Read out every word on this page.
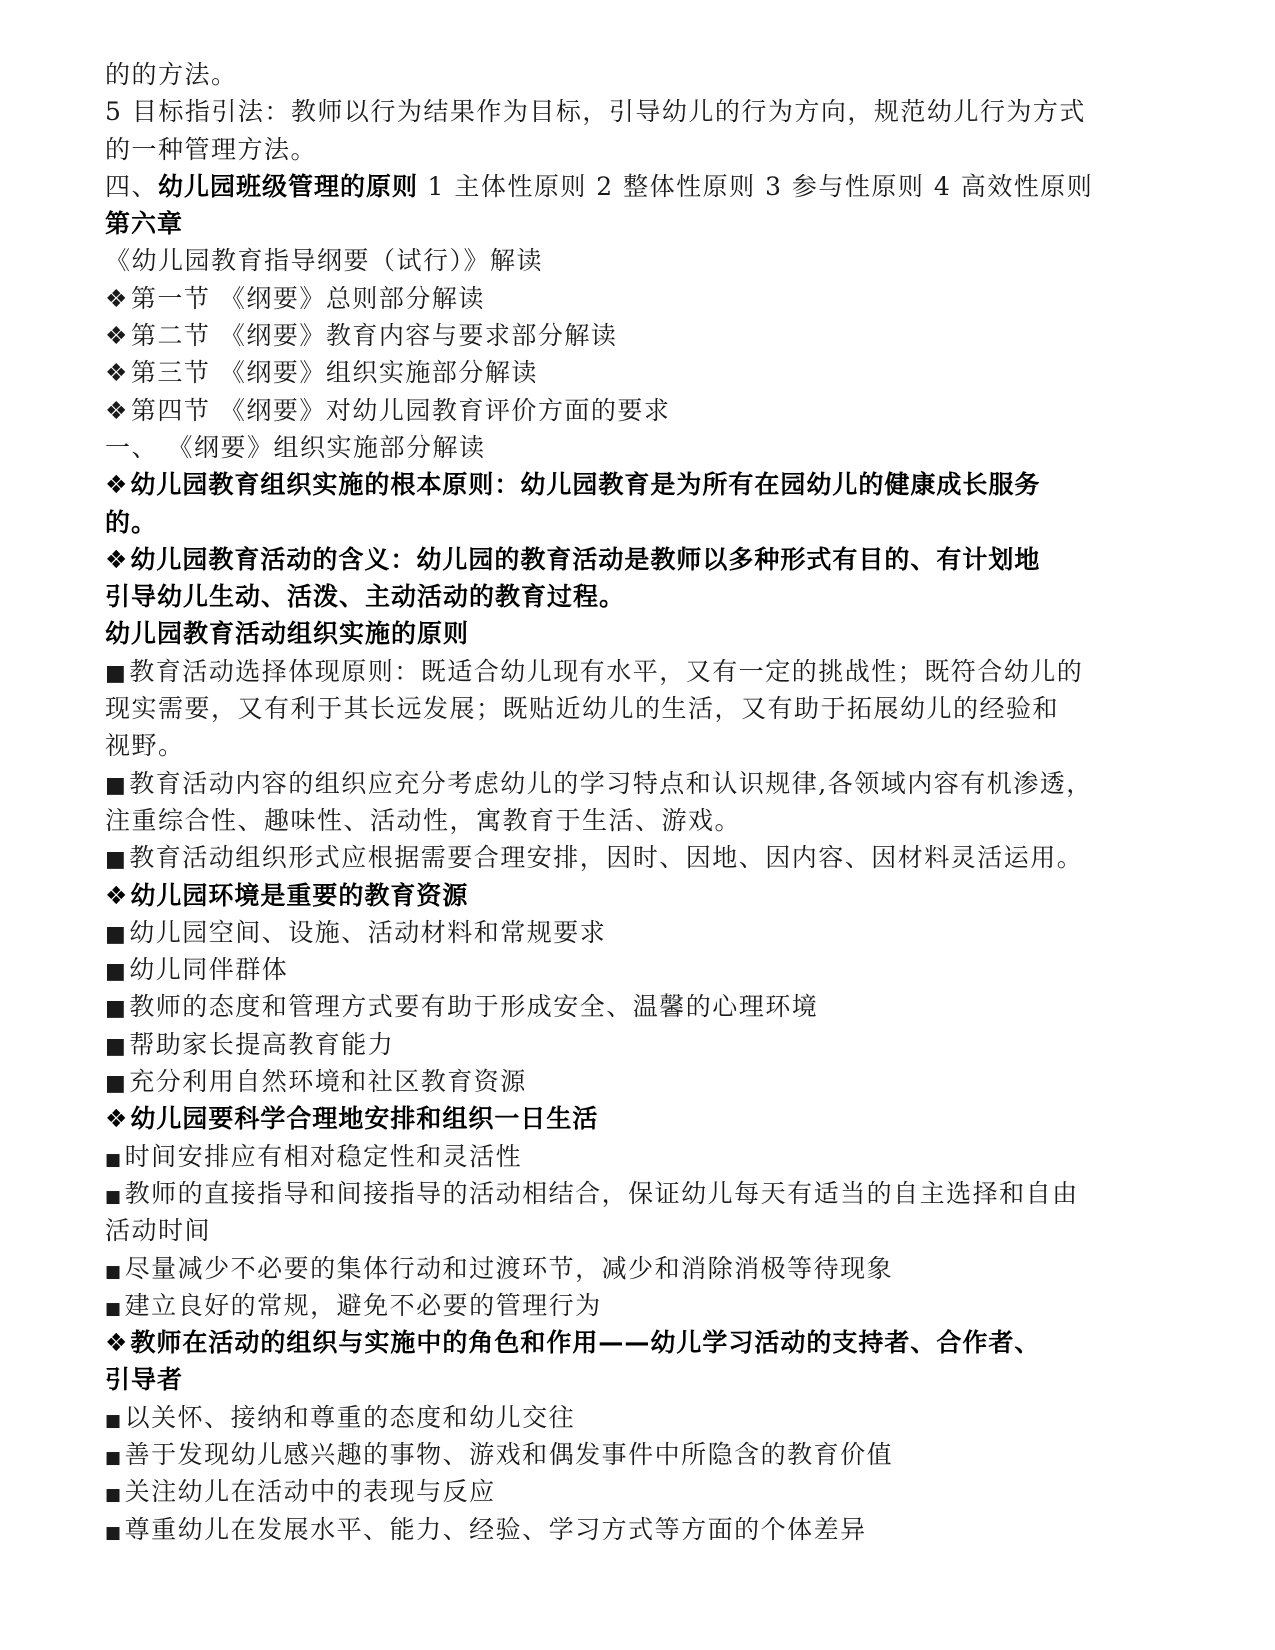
的的方法。
5 目标指引法：教师以行为结果作为目标，引导幼儿的行为方向，规范幼儿行为方式
的一种管理方法。
四、幼儿园班级管理的原则 1 主体性原则 2 整体性原则 3 参与性原则 4 高效性原则
第六章
《幼儿园教育指导纲要（试行）》解读
❖第一节 《纲要》总则部分解读
❖第二节 《纲要》教育内容与要求部分解读
❖第三节 《纲要》组织实施部分解读
❖第四节 《纲要》对幼儿园教育评价方面的要求
一、 《纲要》组织实施部分解读
❖幼儿园教育组织实施的根本原则：幼儿园教育是为所有在园幼儿的健康成长服务
的。
❖幼儿园教育活动的含义：幼儿园的教育活动是教师以多种形式有目的、有计划地
引导幼儿生动、活泼、主动活动的教育过程。
幼儿园教育活动组织实施的原则
■教育活动选择体现原则：既适合幼儿现有水平，又有一定的挑战性；既符合幼儿的
现实需要，又有利于其长远发展；既贴近幼儿的生活，又有助于拓展幼儿的经验和
视野。
■教育活动内容的组织应充分考虑幼儿的学习特点和认识规律,各领域内容有机渗透，
注重综合性、趣味性、活动性，寓教育于生活、游戏。
■教育活动组织形式应根据需要合理安排，因时、因地、因内容、因材料灵活运用。
❖幼儿园环境是重要的教育资源
■幼儿园空间、设施、活动材料和常规要求
■幼儿同伴群体
■教师的态度和管理方式要有助于形成安全、温馨的心理环境
■帮助家长提高教育能力
■充分利用自然环境和社区教育资源
❖幼儿园要科学合理地安排和组织一日生活
■时间安排应有相对稳定性和灵活性
■教师的直接指导和间接指导的活动相结合，保证幼儿每天有适当的自主选择和自由
活动时间
■尽量减少不必要的集体行动和过渡环节，减少和消除消极等待现象
■建立良好的常规，避免不必要的管理行为
❖教师在活动的组织与实施中的角色和作用——幼儿学习活动的支持者、合作者、
引导者
■以关怀、接纳和尊重的态度和幼儿交往
■善于发现幼儿感兴趣的事物、游戏和偶发事件中所隐含的教育价值
■关注幼儿在活动中的表现与反应
■尊重幼儿在发展水平、能力、经验、学习方式等方面的个体差异
